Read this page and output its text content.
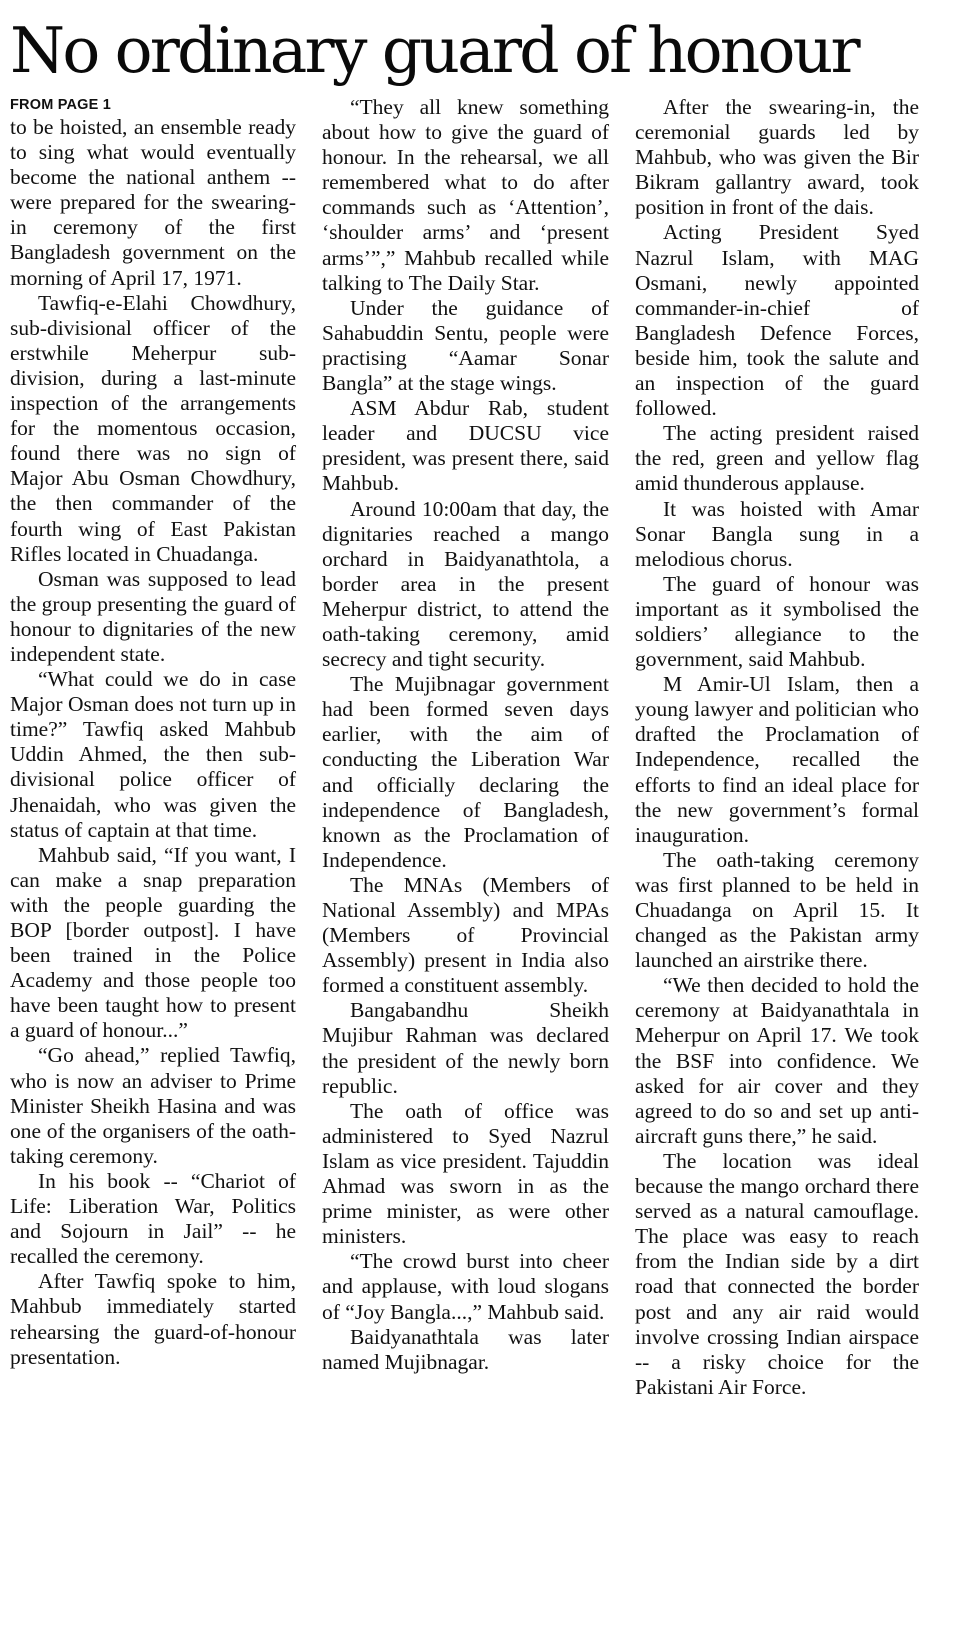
No ordinary guard of honour
FROM PAGE 1

to be hoisted, an ensemble ready to sing what would eventually become the national anthem -- were prepared for the swearing-in ceremony of the first Bangladesh government on the morning of April 17, 1971.

Tawfiq-e-Elahi Chowdhury, sub-divisional officer of the erstwhile Meherpur sub-division, during a last-minute inspection of the arrangements for the momentous occasion, found there was no sign of Major Abu Osman Chowdhury, the then commander of the fourth wing of East Pakistan Rifles located in Chuadanga.

Osman was supposed to lead the group presenting the guard of honour to dignitaries of the new independent state.

“What could we do in case Major Osman does not turn up in time?” Tawfiq asked Mahbub Uddin Ahmed, the then sub-divisional police officer of Jhenaidah, who was given the status of captain at that time.

Mahbub said, “If you want, I can make a snap preparation with the people guarding the BOP [border outpost]. I have been trained in the Police Academy and those people too have been taught how to present a guard of honour...”

“Go ahead,” replied Tawfiq, who is now an adviser to Prime Minister Sheikh Hasina and was one of the organisers of the oath-taking ceremony.

In his book -- “Chariot of Life: Liberation War, Politics and Sojourn in Jail” -- he recalled the ceremony.

After Tawfiq spoke to him, Mahbub immediately started rehearsing the guard-of-honour presentation.

“They all knew something about how to give the guard of honour. In the rehearsal, we all remembered what to do after commands such as ‘Attention’, ‘shoulder arms’ and ‘present arms’”,” Mahbub recalled while talking to The Daily Star.

Under the guidance of Sahabuddin Sentu, people were practising “Aamar Sonar Bangla” at the stage wings.

ASM Abdur Rab, student leader and DUCSU vice president, was present there, said Mahbub.

Around 10:00am that day, the dignitaries reached a mango orchard in Baidyanathtola, a border area in the present Meherpur district, to attend the oath-taking ceremony, amid secrecy and tight security.

The Mujibnagar government had been formed seven days earlier, with the aim of conducting the Liberation War and officially declaring the independence of Bangladesh, known as the Proclamation of Independence.

The MNAs (Members of National Assembly) and MPAs (Members of Provincial Assembly) present in India also formed a constituent assembly.

Bangabandhu Sheikh Mujibur Rahman was declared the president of the newly born republic.

The oath of office was administered to Syed Nazrul Islam as vice president. Tajuddin Ahmad was sworn in as the prime minister, as were other ministers.

“The crowd burst into cheer and applause, with loud slogans of “Joy Bangla...,” Mahbub said.

Baidyanathtala was later named Mujibnagar.

After the swearing-in, the ceremonial guards led by Mahbub, who was given the Bir Bikram gallantry award, took position in front of the dais.

Acting President Syed Nazrul Islam, with MAG Osmani, newly appointed commander-in-chief of Bangladesh Defence Forces, beside him, took the salute and an inspection of the guard followed.

The acting president raised the red, green and yellow flag amid thunderous applause.

It was hoisted with Amar Sonar Bangla sung in a melodious chorus.

The guard of honour was important as it symbolised the soldiers’ allegiance to the government, said Mahbub.

M Amir-Ul Islam, then a young lawyer and politician who drafted the Proclamation of Independence, recalled the efforts to find an ideal place for the new government’s formal inauguration.

The oath-taking ceremony was first planned to be held in Chuadanga on April 15. It changed as the Pakistan army launched an airstrike there.

“We then decided to hold the ceremony at Baidyanathtala in Meherpur on April 17. We took the BSF into confidence. We asked for air cover and they agreed to do so and set up anti-aircraft guns there,” he said.

The location was ideal because the mango orchard there served as a natural camouflage. The place was easy to reach from the Indian side by a dirt road that connected the border post and any air raid would involve crossing Indian airspace -- a risky choice for the Pakistani Air Force.
